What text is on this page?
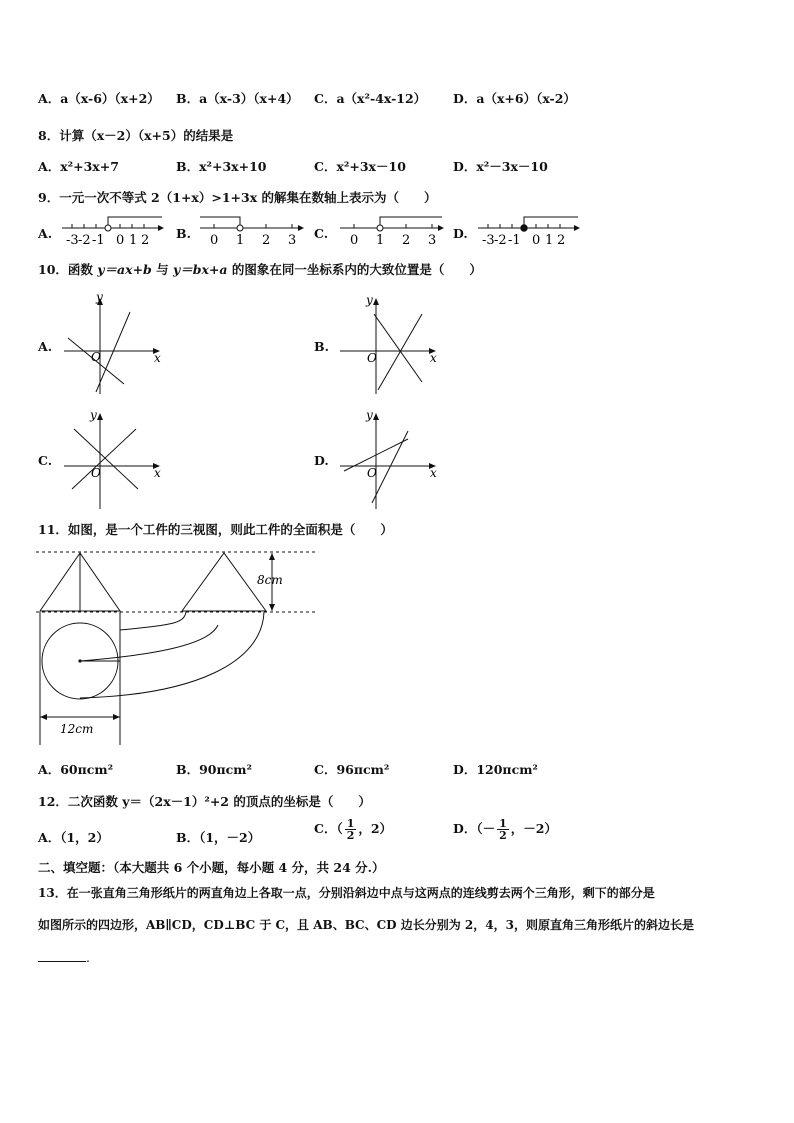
A．a（x-6）（x+2） B．a（x-3）（x+4） C．a（x²-4x-12） D．a（x+6）（x-2）
8．计算（x－2）（x+5）的结果是
A．x²+3x+7	B．x²+3x+10	C．x²+3x－10	D．x²－3x－10
9．一元一次不等式 2（1+x）>1+3x 的解集在数轴上表示为（　　）
A. -3 -2 -1 0 1 2 B. 0 1 2 3 C. 0 1 2 3 D. -3 -2 -1 0 1 2
10．函数 y＝ax+b 与 y＝bx+a 的图象在同一坐标系内的大致位置是（　　）
A.
y
x
O
B.
y
x
O
C.
y
x
O
D.
y
x
O
11．如图，是一个工件的三视图，则此工件的全面积是（　　）
8cm
12cm
A．60πcm²	B．90πcm²	C．96πcm²	D．120πcm²
12．二次函数 y＝（2x－1）²+2 的顶点的坐标是（　　）
A．（1，2）	B．（1，－2）
C．（ $\frac{1}{2}$ ，2）	D．（－ $\frac{1}{2}$ ，－2）
二、填空题：（本大题共 6 个小题，每小题 4 分，共 24 分.）
13．在一张直角三角形纸片的两直角边上各取一点，分别沿斜边中点与这两点的连线剪去两个三角形，剩下的部分是
如图所示的四边形，AB∥CD，CD⊥BC 于 C，且 AB、BC、CD 边长分别为 2，4，3，则原直角三角形纸片的斜边长是
.
